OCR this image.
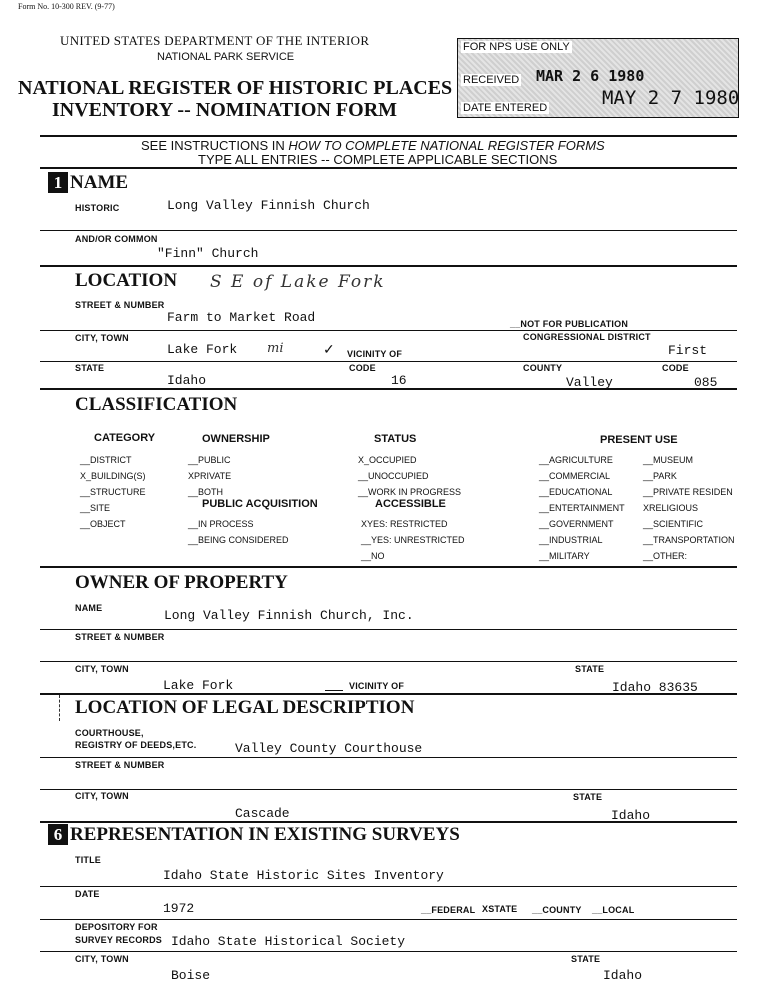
Form No. 10-300 REV. (9-77)
UNITED STATES DEPARTMENT OF THE INTERIOR
NATIONAL PARK SERVICE
NATIONAL REGISTER OF HISTORIC PLACES
INVENTORY -- NOMINATION FORM
FOR NPS USE ONLY
RECEIVED MAR 2 6 1980
DATE ENTERED	MAY 2 7 1980
SEE INSTRUCTIONS IN HOW TO COMPLETE NATIONAL REGISTER FORMS
TYPE ALL ENTRIES -- COMPLETE APPLICABLE SECTIONS
1 NAME
HISTORIC	Long Valley Finnish Church
AND/OR COMMON
"Finn" Church
LOCATION S E of Lake Fork
STREET & NUMBER
Farm to Market Road	__NOT FOR PUBLICATION
CITY, TOWN	CONGRESSIONAL DISTRICT
Lake Fork mi	✓ VICINITY OF	First
STATE	CODE	COUNTY	CODE
Idaho	16	Valley	085
CLASSIFICATION
CATEGORY
__DISTRICT
X_BUILDING(S)
__STRUCTURE
__SITE
__OBJECT
OWNERSHIP
__PUBLIC
XPRIVATE
__BOTH
PUBLIC ACQUISITION
__IN PROCESS
__BEING CONSIDERED
STATUS
X_OCCUPIED
__UNOCCUPIED
__WORK IN PROGRESS
ACCESSIBLE
XYES: RESTRICTED
__YES: UNRESTRICTED
__NO
PRESENT USE
__AGRICULTURE
__COMMERCIAL
__EDUCATIONAL
__ENTERTAINMENT
__GOVERNMENT
__INDUSTRIAL
__MILITARY
__MUSEUM
__PARK
__PRIVATE RESIDEN
XRELIGIOUS
__SCIENTIFIC
__TRANSPORTATION
__OTHER:
OWNER OF PROPERTY
NAME	Long Valley Finnish Church, Inc.
STREET & NUMBER
CITY, TOWN	STATE
Lake Fork	VICINITY OF	Idaho 83635
LOCATION OF LEGAL DESCRIPTION
COURTHOUSE,
REGISTRY OF DEEDS,ETC.	Valley County Courthouse
STREET & NUMBER
CITY, TOWN	STATE
Cascade	Idaho
6 REPRESENTATION IN EXISTING SURVEYS
TITLE
Idaho State Historic Sites Inventory
DATE
1972	__FEDERAL XSTATE __COUNTY __LOCAL
DEPOSITORY FOR
SURVEY RECORDS Idaho State Historical Society
CITY, TOWN	STATE
Boise	Idaho
